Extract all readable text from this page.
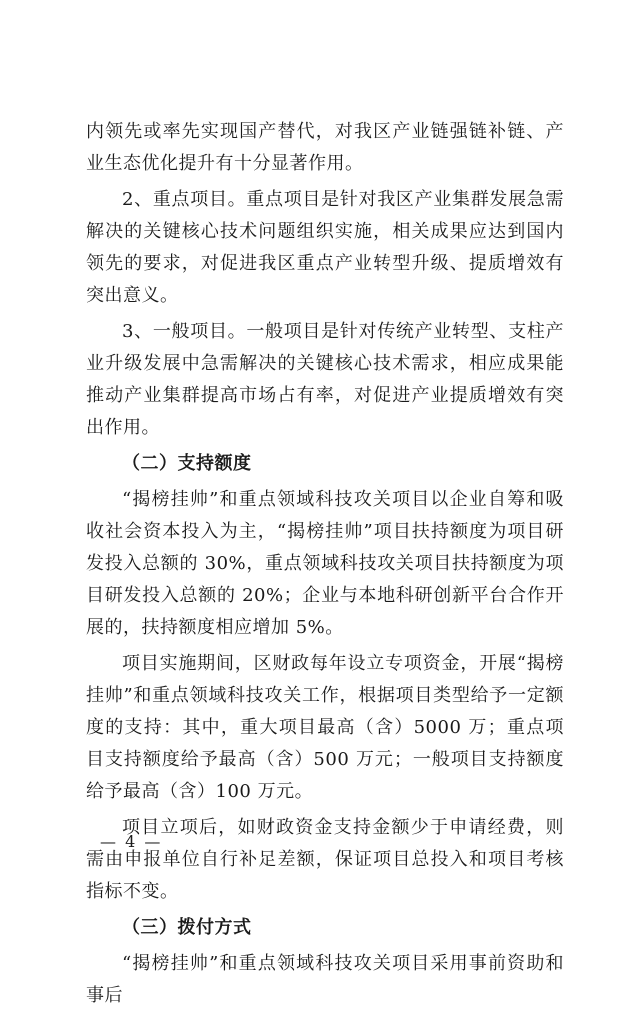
内领先或率先实现国产替代，对我区产业链强链补链、产业生态优化提升有十分显著作用。

2、重点项目。重点项目是针对我区产业集群发展急需解决的关键核心技术问题组织实施，相关成果应达到国内领先的要求，对促进我区重点产业转型升级、提质增效有突出意义。

3、一般项目。一般项目是针对传统产业转型、支柱产业升级发展中急需解决的关键核心技术需求，相应成果能推动产业集群提高市场占有率，对促进产业提质增效有突出作用。

（二）支持额度

“揭榜挂帅”和重点领域科技攻关项目以企业自筹和吸收社会资本投入为主，“揭榜挂帅”项目扶持额度为项目研发投入总额的 30%，重点领域科技攻关项目扶持额度为项目研发投入总额的 20%；企业与本地科研创新平台合作开展的，扶持额度相应增加 5%。

项目实施期间，区财政每年设立专项资金，开展“揭榜挂帅”和重点领域科技攻关工作，根据项目类型给予一定额度的支持：其中，重大项目最高（含）5000 万；重点项目支持额度给予最高（含）500 万元；一般项目支持额度给予最高（含）100 万元。

项目立项后，如财政资金支持金额少于申请经费，则需由申报单位自行补足差额，保证项目总投入和项目考核指标不变。

（三）拨付方式

“揭榜挂帅”和重点领域科技攻关项目采用事前资助和事后

— 4 —
